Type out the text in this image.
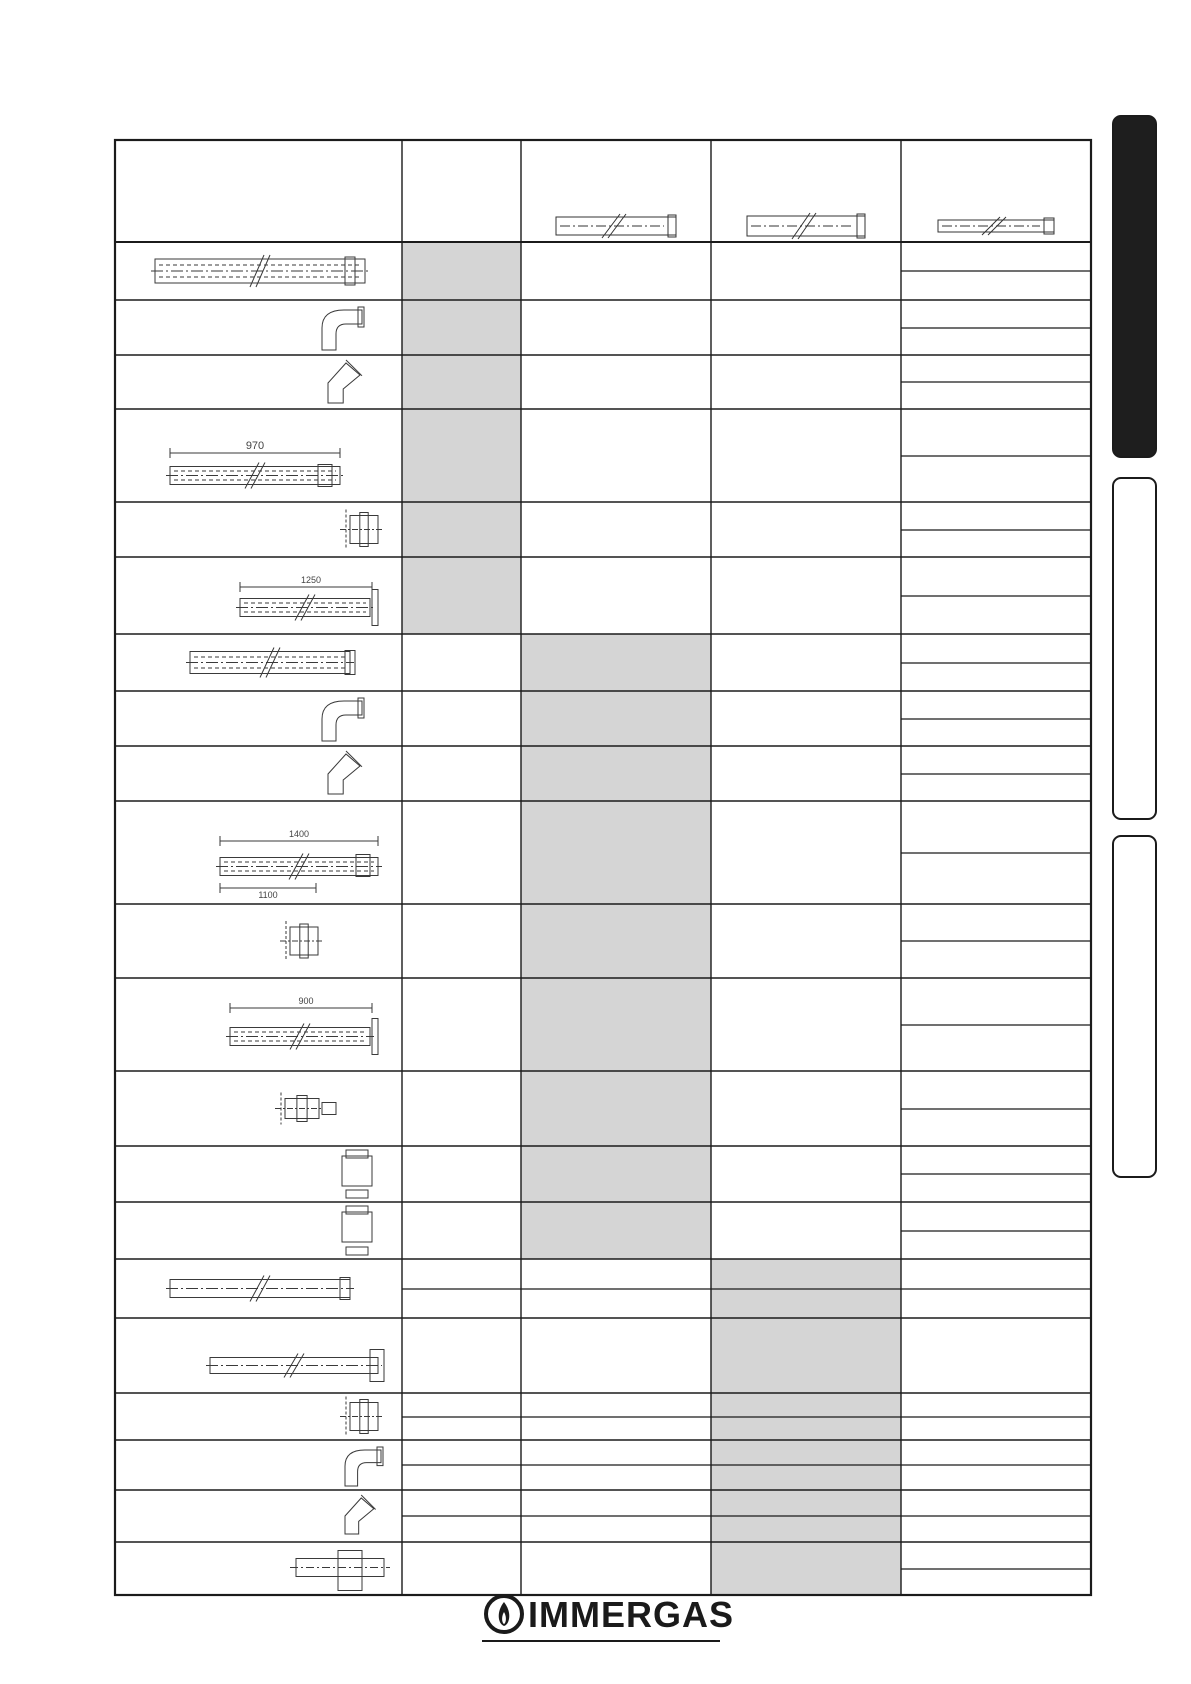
970
1250
1400
1100
900
IMMERGAS
